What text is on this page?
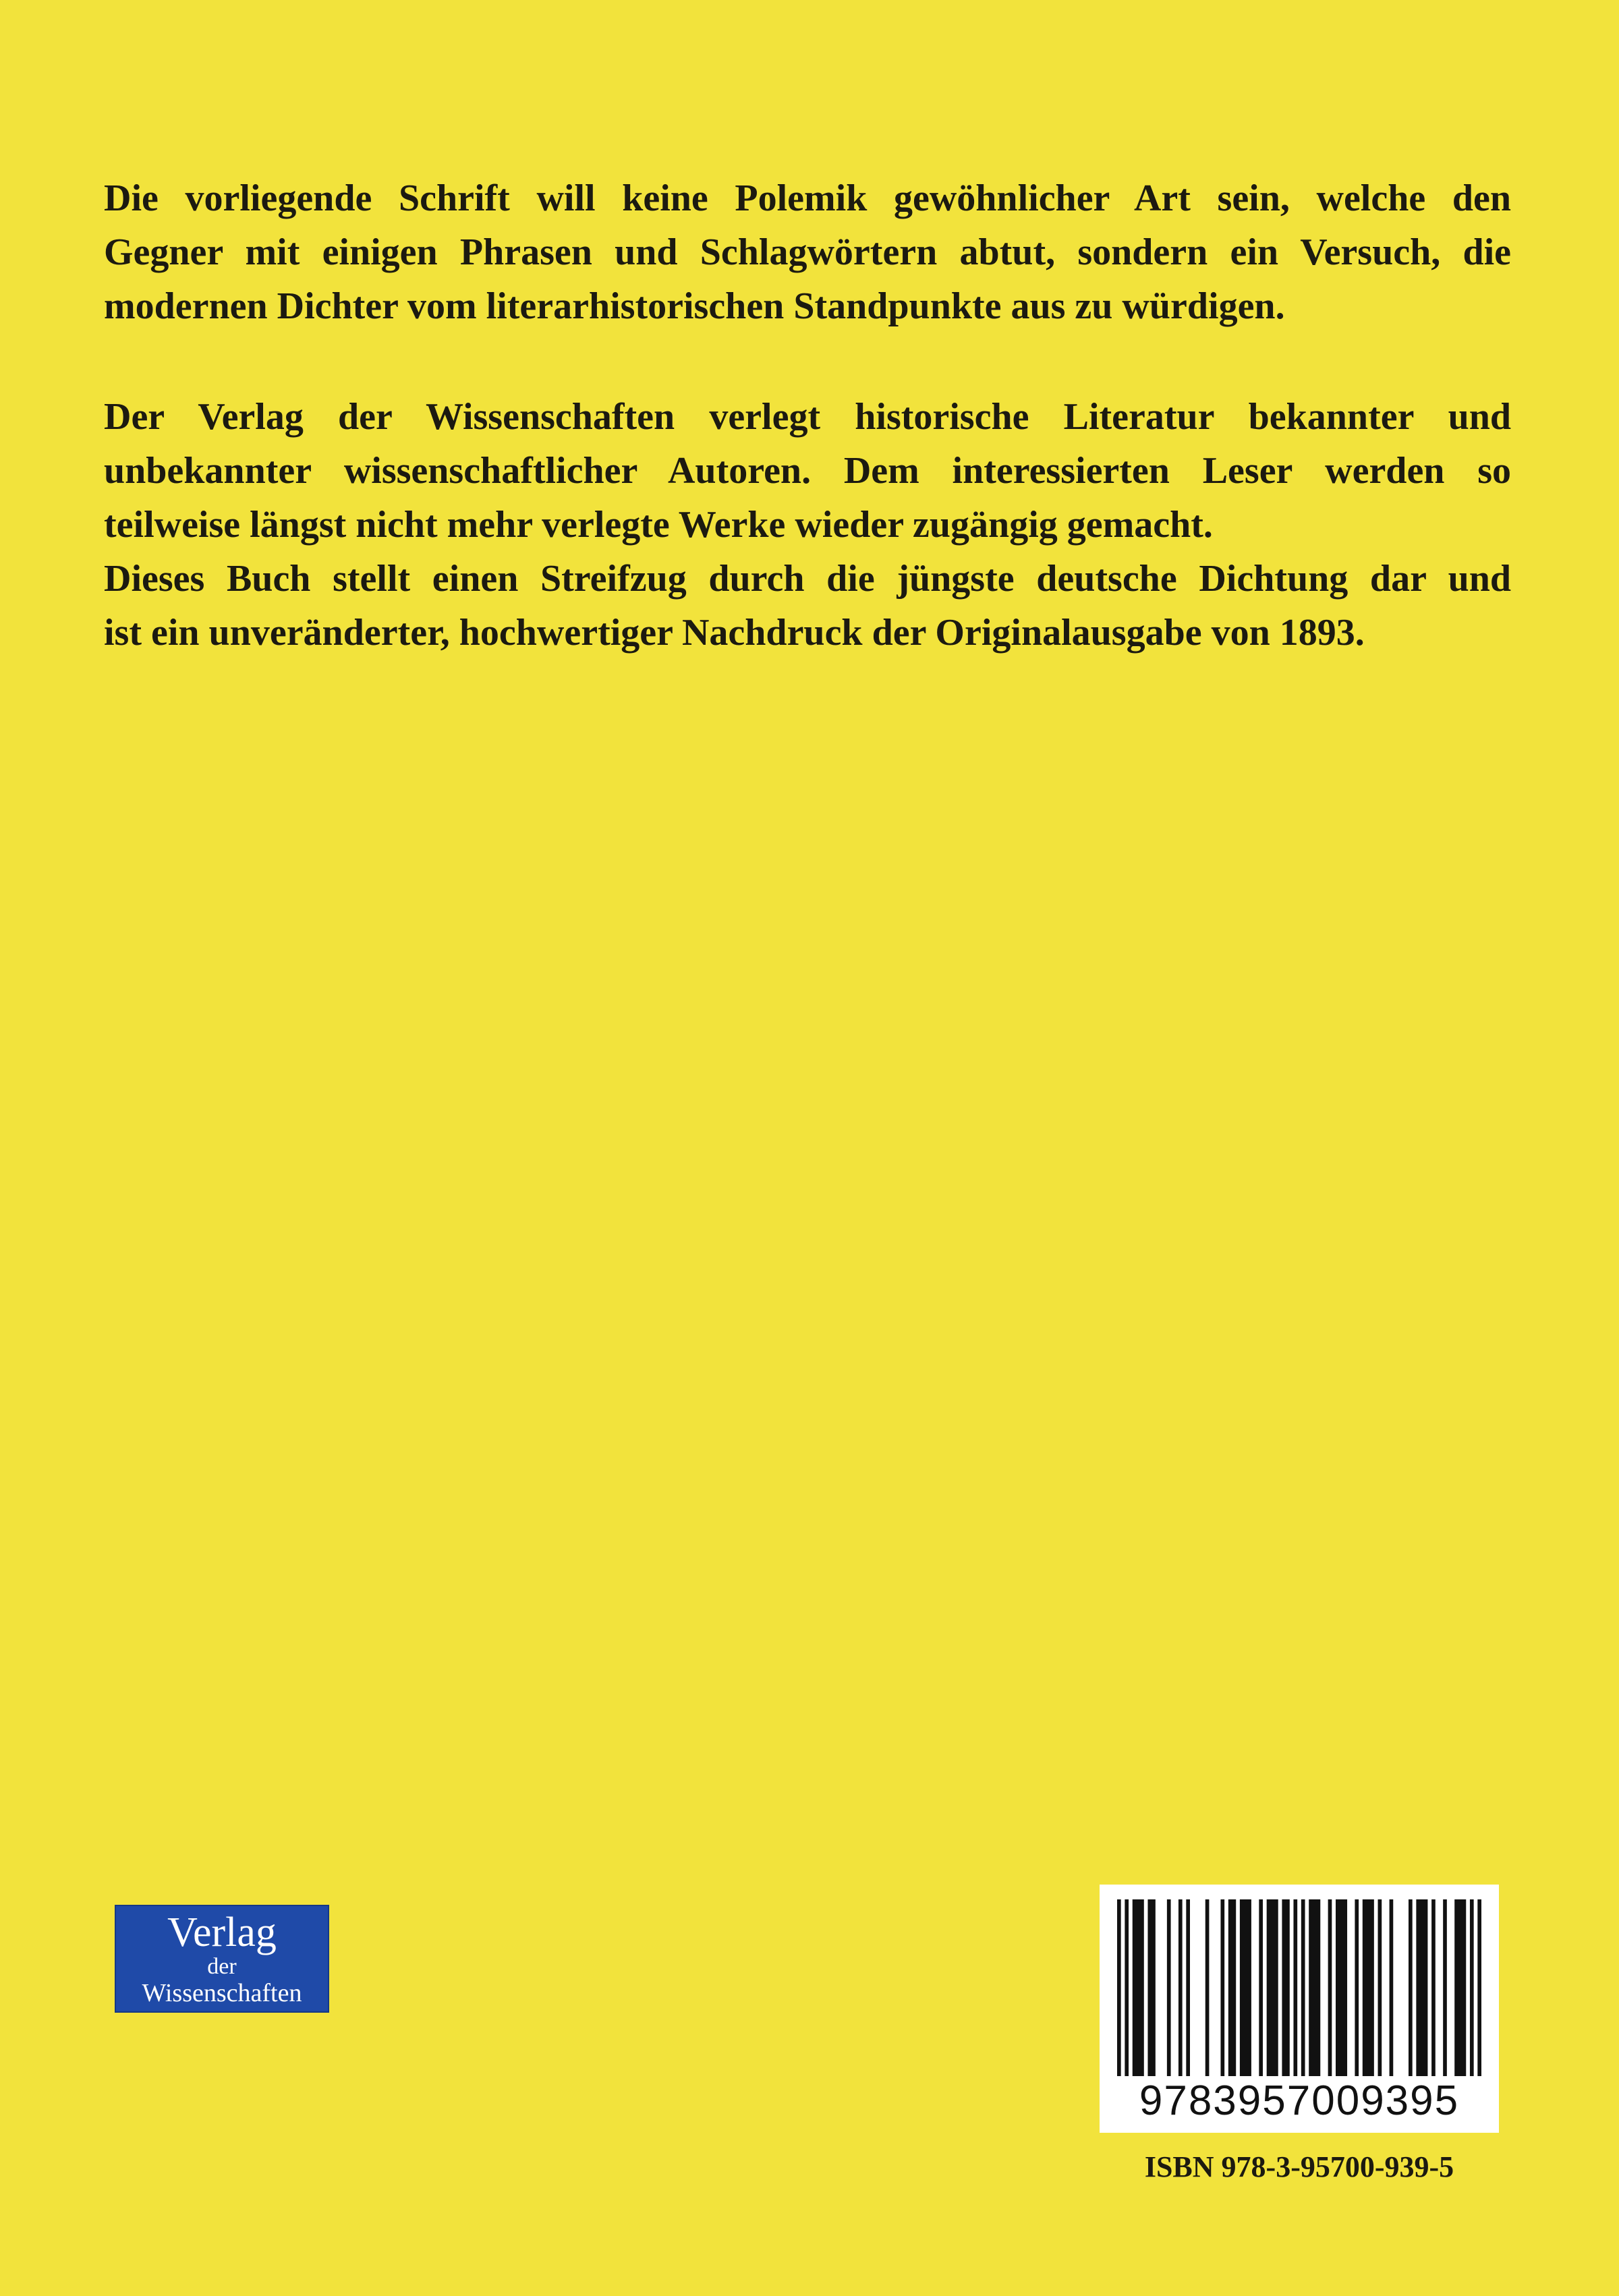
Die vorliegende Schrift will keine Polemik gewöhnlicher Art sein, welche den
Gegner mit einigen Phrasen und Schlagwörtern abtut, sondern ein Versuch, die
modernen Dichter vom literarhistorischen Standpunkte aus zu würdigen.
Der Verlag der Wissenschaften verlegt historische Literatur bekannter und
unbekannter wissenschaftlicher Autoren. Dem interessierten Leser werden so
teilweise längst nicht mehr verlegte Werke wieder zugängig gemacht.
Dieses Buch stellt einen Streifzug durch die jüngste deutsche Dichtung dar und
ist ein unveränderter, hochwertiger Nachdruck der Originalausgabe von 1893.
Verlag
der
Wissenschaften
9783957009395
ISBN 978-3-95700-939-5
